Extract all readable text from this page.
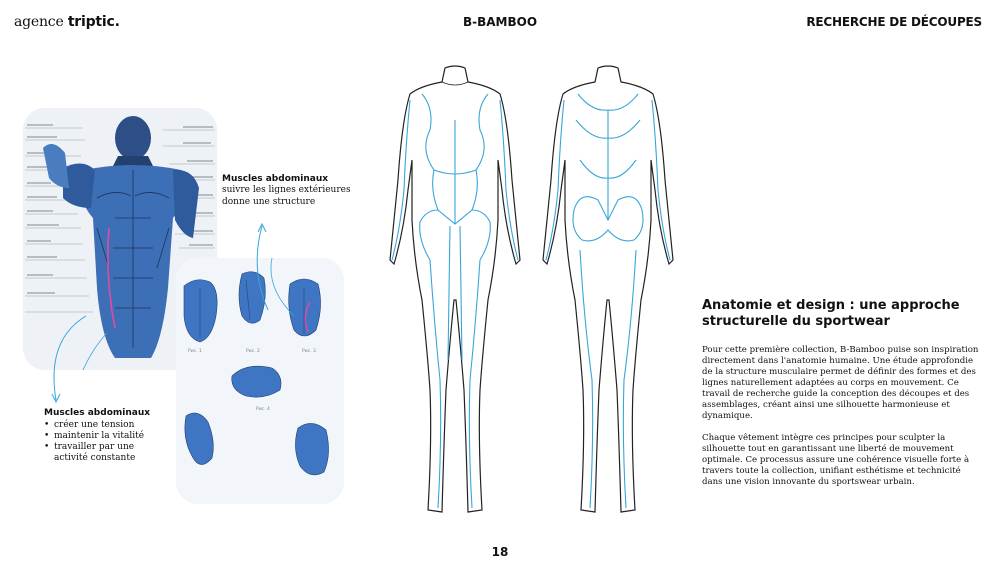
agence triptic.	B-BAMBOO	RECHERCHE DE DÉCOUPES
Рис. 1	Рис. 2	Рис. 3
Рис. 4
Muscles abdominaux
suivre les lignes extérieures donne une structure
Muscles abdominaux
• créer une tension
• maintenir la vitalité
• travailler par une activité constante
Anatomie et design : une approche structurelle du sportwear

Pour cette première collection, B-Bamboo puise son inspiration directement dans l'anatomie humaine. Une étude approfondie de la structure musculaire permet de définir des formes et des lignes naturellement adaptées au corps en mouvement. Ce travail de recherche guide la conception des découpes et des assemblages, créant ainsi une silhouette harmonieuse et dynamique.

Chaque vêtement intègre ces principes pour sculpter la silhouette tout en garantissant une liberté de mouvement optimale. Ce processus assure une cohérence visuelle forte à travers toute la collection, unifiant esthétisme et technicité dans une vision innovante du sportswear urbain.

18
